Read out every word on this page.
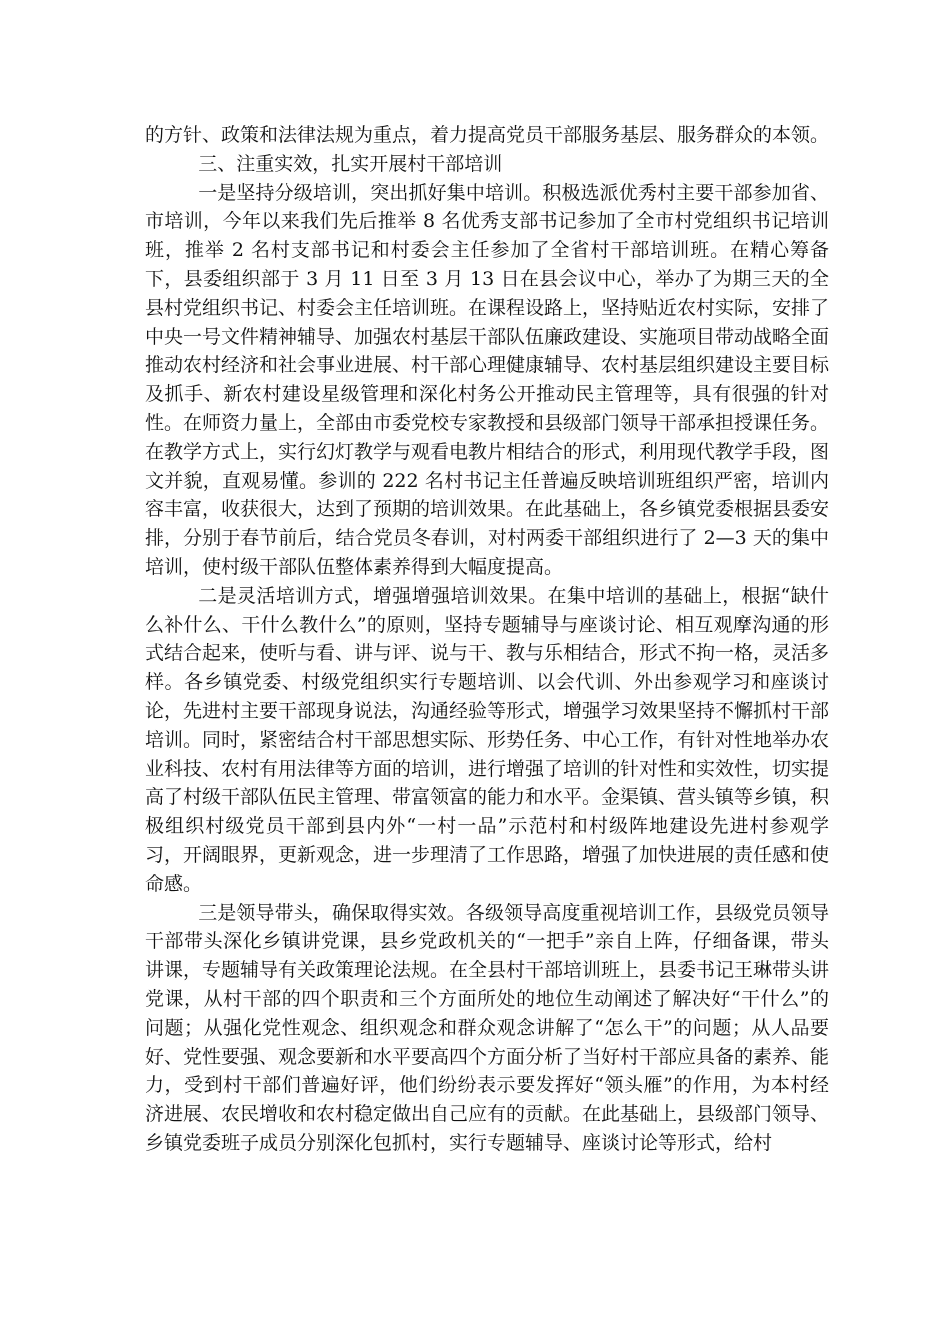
的方针、政策和法律法规为重点，着力提高党员干部服务基层、服务群众的本领。

三、注重实效，扎实开展村干部培训

一是坚持分级培训，突出抓好集中培训。积极选派优秀村主要干部参加省、市培训，今年以来我们先后推举 8 名优秀支部书记参加了全市村党组织书记培训班，推举 2 名村支部书记和村委会主任参加了全省村干部培训班。在精心筹备下，县委组织部于 3 月 11 日至 3 月 13 日在县会议中心，举办了为期三天的全县村党组织书记、村委会主任培训班。在课程设路上，坚持贴近农村实际，安排了中央一号文件精神辅导、加强农村基层干部队伍廉政建设、实施项目带动战略全面推动农村经济和社会事业进展、村干部心理健康辅导、农村基层组织建设主要目标及抓手、新农村建设星级管理和深化村务公开推动民主管理等，具有很强的针对性。在师资力量上，全部由市委党校专家教授和县级部门领导干部承担授课任务。在教学方式上，实行幻灯教学与观看电教片相结合的形式，利用现代教学手段，图文并貌，直观易懂。参训的 222 名村书记主任普遍反映培训班组织严密，培训内容丰富，收获很大，达到了预期的培训效果。在此基础上，各乡镇党委根据县委安排，分别于春节前后，结合党员冬春训，对村两委干部组织进行了 2—3 天的集中培训，使村级干部队伍整体素养得到大幅度提高。

二是灵活培训方式，增强增强培训效果。在集中培训的基础上，根据“缺什么补什么、干什么教什么”的原则，坚持专题辅导与座谈讨论、相互观摩沟通的形式结合起来，使听与看、讲与评、说与干、教与乐相结合，形式不拘一格，灵活多样。各乡镇党委、村级党组织实行专题培训、以会代训、外出参观学习和座谈讨论，先进村主要干部现身说法，沟通经验等形式，增强学习效果坚持不懈抓村干部培训。同时，紧密结合村干部思想实际、形势任务、中心工作，有针对性地举办农业科技、农村有用法律等方面的培训，进行增强了培训的针对性和实效性，切实提高了村级干部队伍民主管理、带富领富的能力和水平。金渠镇、营头镇等乡镇，积极组织村级党员干部到县内外“一村一品”示范村和村级阵地建设先进村参观学习，开阔眼界，更新观念，进一步理清了工作思路，增强了加快进展的责任感和使命感。

三是领导带头，确保取得实效。各级领导高度重视培训工作，县级党员领导干部带头深化乡镇讲党课，县乡党政机关的“一把手”亲自上阵，仔细备课，带头讲课，专题辅导有关政策理论法规。在全县村干部培训班上，县委书记王琳带头讲党课，从村干部的四个职责和三个方面所处的地位生动阐述了解决好“干什么”的问题；从强化党性观念、组织观念和群众观念讲解了“怎么干”的问题；从人品要好、党性要强、观念要新和水平要高四个方面分析了当好村干部应具备的素养、能力，受到村干部们普遍好评，他们纷纷表示要发挥好“领头雁”的作用，为本村经济进展、农民增收和农村稳定做出自己应有的贡献。在此基础上，县级部门领导、乡镇党委班子成员分别深化包抓村，实行专题辅导、座谈讨论等形式，给村
